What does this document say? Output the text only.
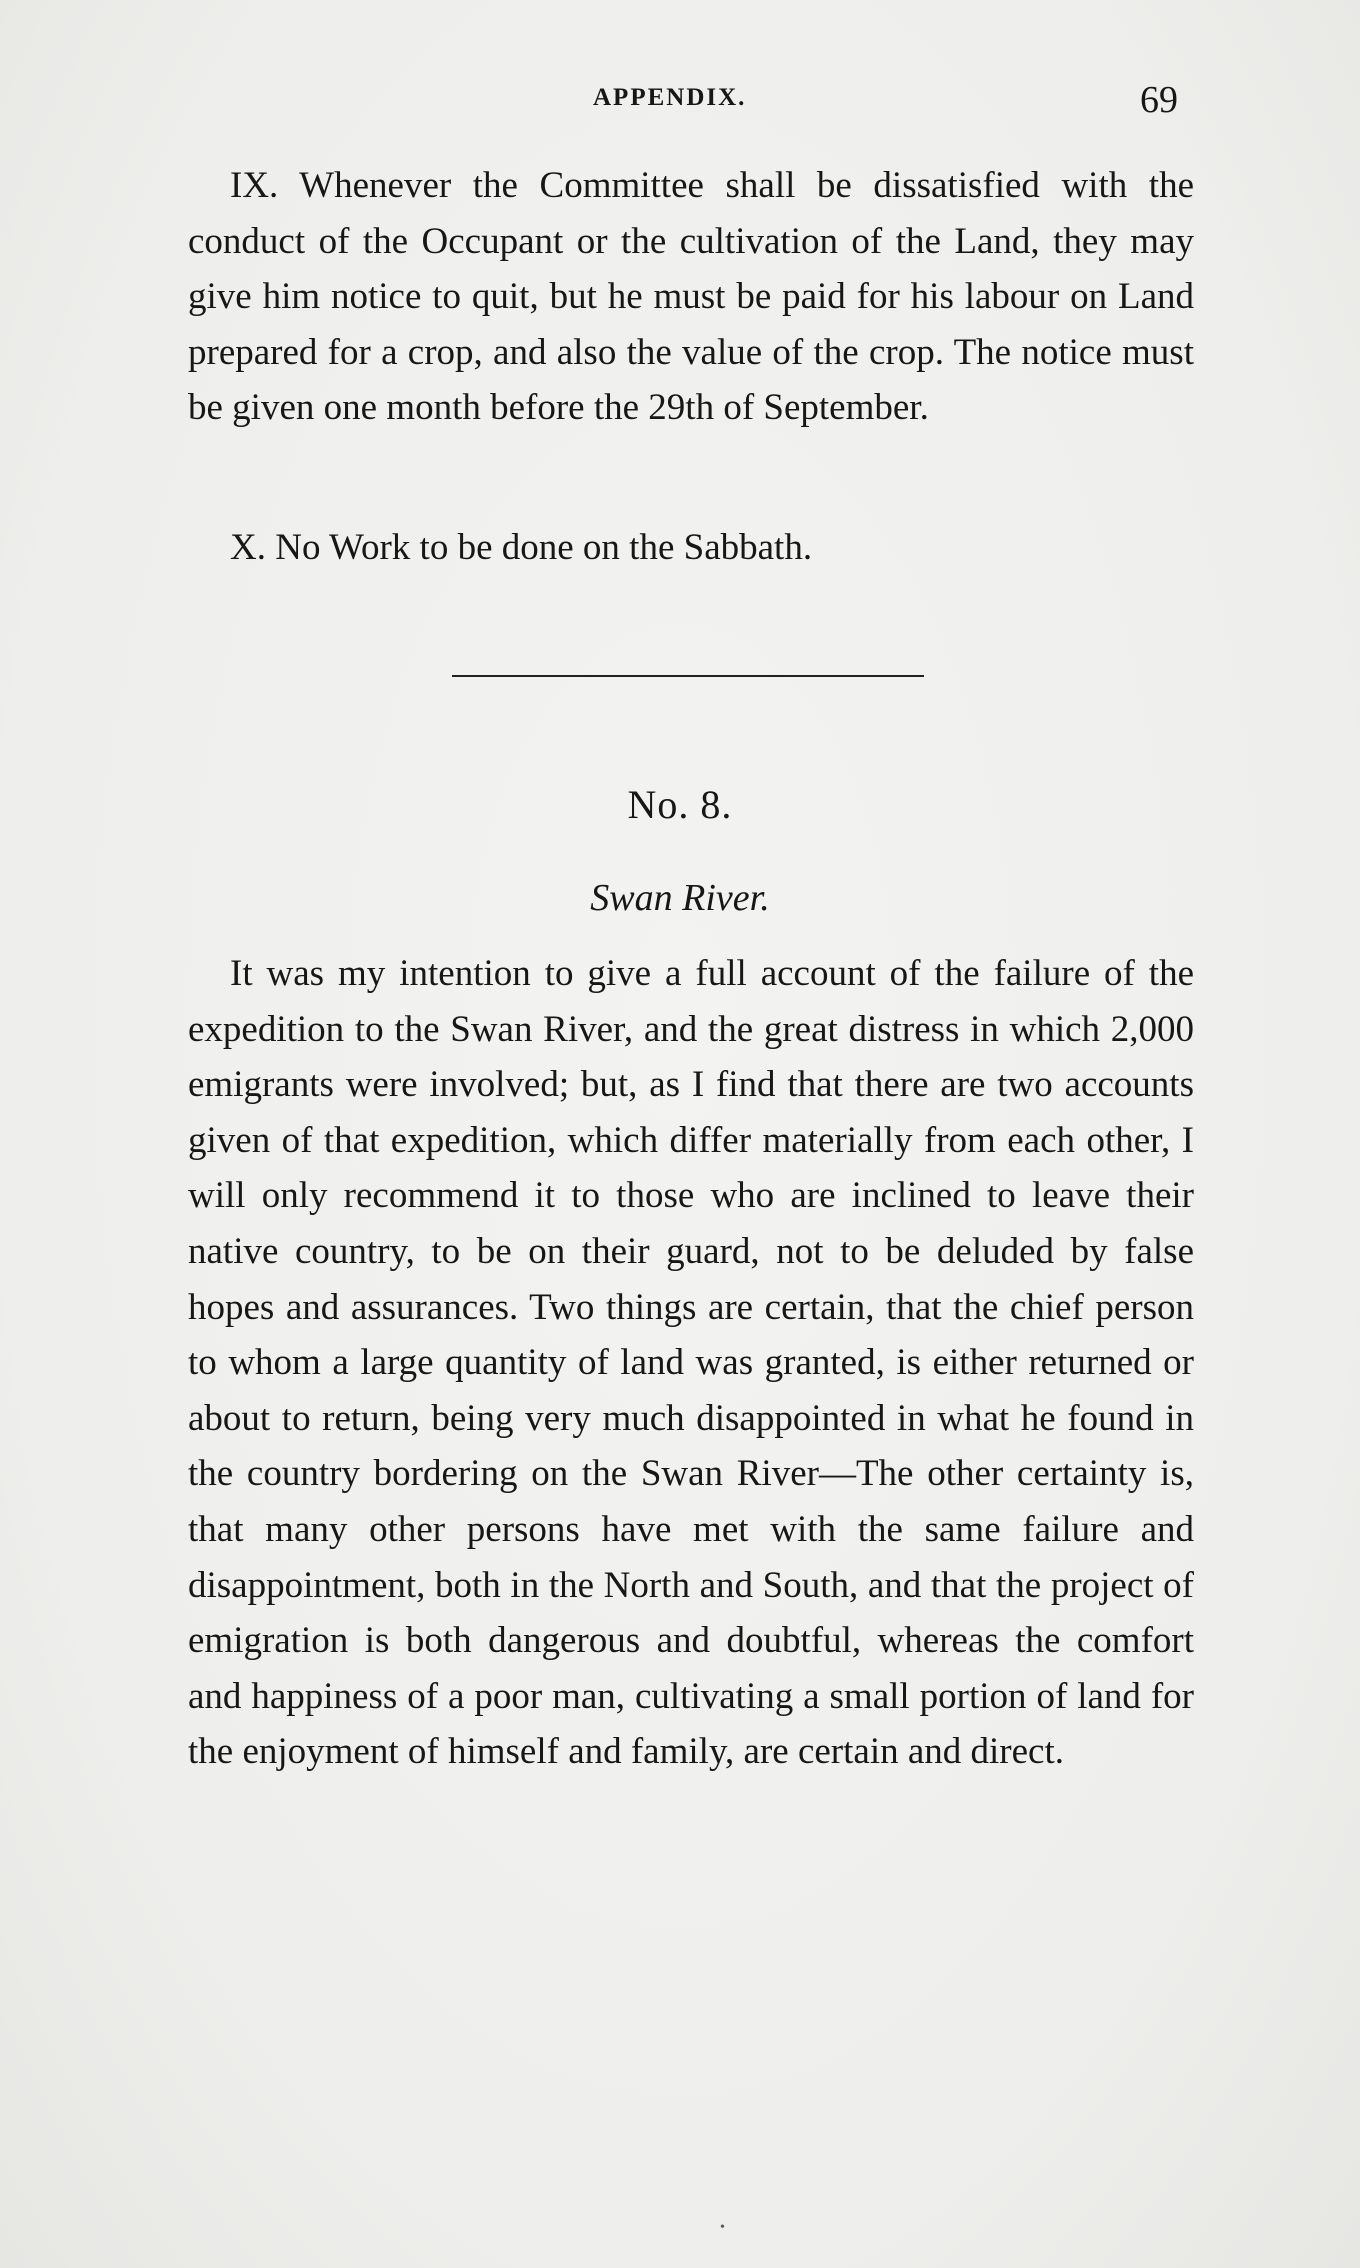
APPENDIX.	69

IX. Whenever the Committee shall be dissatisfied with the conduct of the Occupant or the cultivation of the Land, they may give him notice to quit, but he must be paid for his labour on Land prepared for a crop, and also the value of the crop. The notice must be given one month before the 29th of September.

X. No Work to be done on the Sabbath.

No. 8.
Swan River.

It was my intention to give a full account of the failure of the expedition to the Swan River, and the great distress in which 2,000 emigrants were involved; but, as I find that there are two accounts given of that expedition, which differ materially from each other, I will only recommend it to those who are inclined to leave their native country, to be on their guard, not to be deluded by false hopes and assurances. Two things are certain, that the chief person to whom a large quantity of land was granted, is either returned or about to return, being very much disappointed in what he found in the country bordering on the Swan River—The other certainty is, that many other persons have met with the same failure and disappointment, both in the North and South, and that the project of emigration is both dangerous and doubtful, whereas the comfort and happiness of a poor man, cultivating a small portion of land for the enjoyment of himself and family, are certain and direct.

•
